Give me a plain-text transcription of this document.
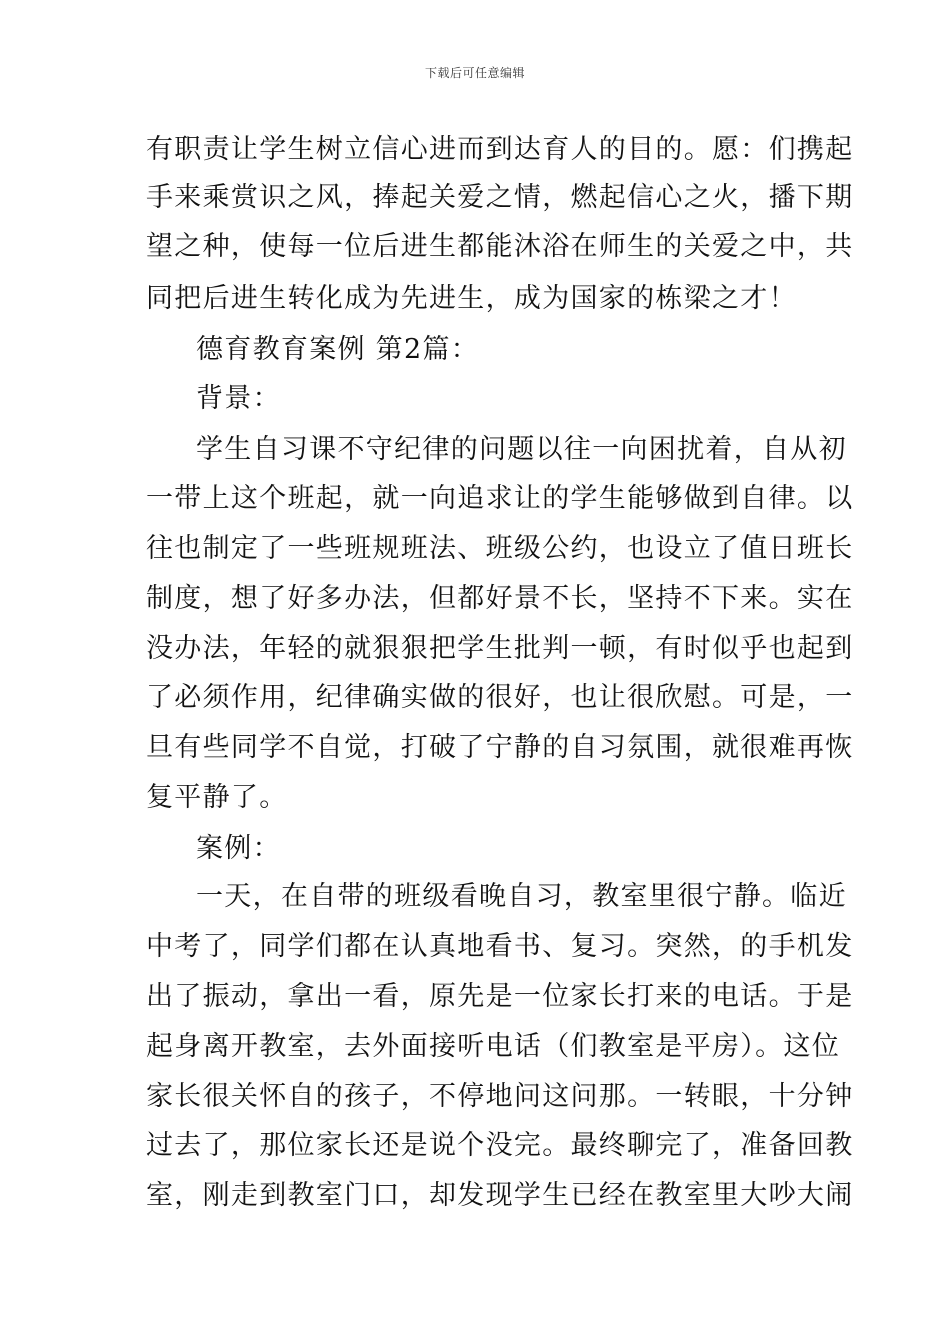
下载后可任意编辑
有职责让学生树立信心进而到达育人的目的。愿：们携起
手来乘赏识之风，捧起关爱之情，燃起信心之火，播下期
望之种，使每一位后进生都能沐浴在师生的关爱之中，共
同把后进生转化成为先进生，成为国家的栋梁之才！
德育教育案例 第2篇：
背景：
学生自习课不守纪律的问题以往一向困扰着，自从初
一带上这个班起，就一向追求让的学生能够做到自律。以
往也制定了一些班规班法、班级公约，也设立了值日班长
制度，想了好多办法，但都好景不长，坚持不下来。实在
没办法，年轻的就狠狠把学生批判一顿，有时似乎也起到
了必须作用，纪律确实做的很好，也让很欣慰。可是，一
旦有些同学不自觉，打破了宁静的自习氛围，就很难再恢
复平静了。
案例：
一天，在自带的班级看晚自习，教室里很宁静。临近
中考了，同学们都在认真地看书、复习。突然，的手机发
出了振动，拿出一看，原先是一位家长打来的电话。于是
起身离开教室，去外面接听电话（们教室是平房）。这位
家长很关怀自的孩子，不停地问这问那。一转眼，十分钟
过去了，那位家长还是说个没完。最终聊完了，准备回教
室，刚走到教室门口，却发现学生已经在教室里大吵大闹
